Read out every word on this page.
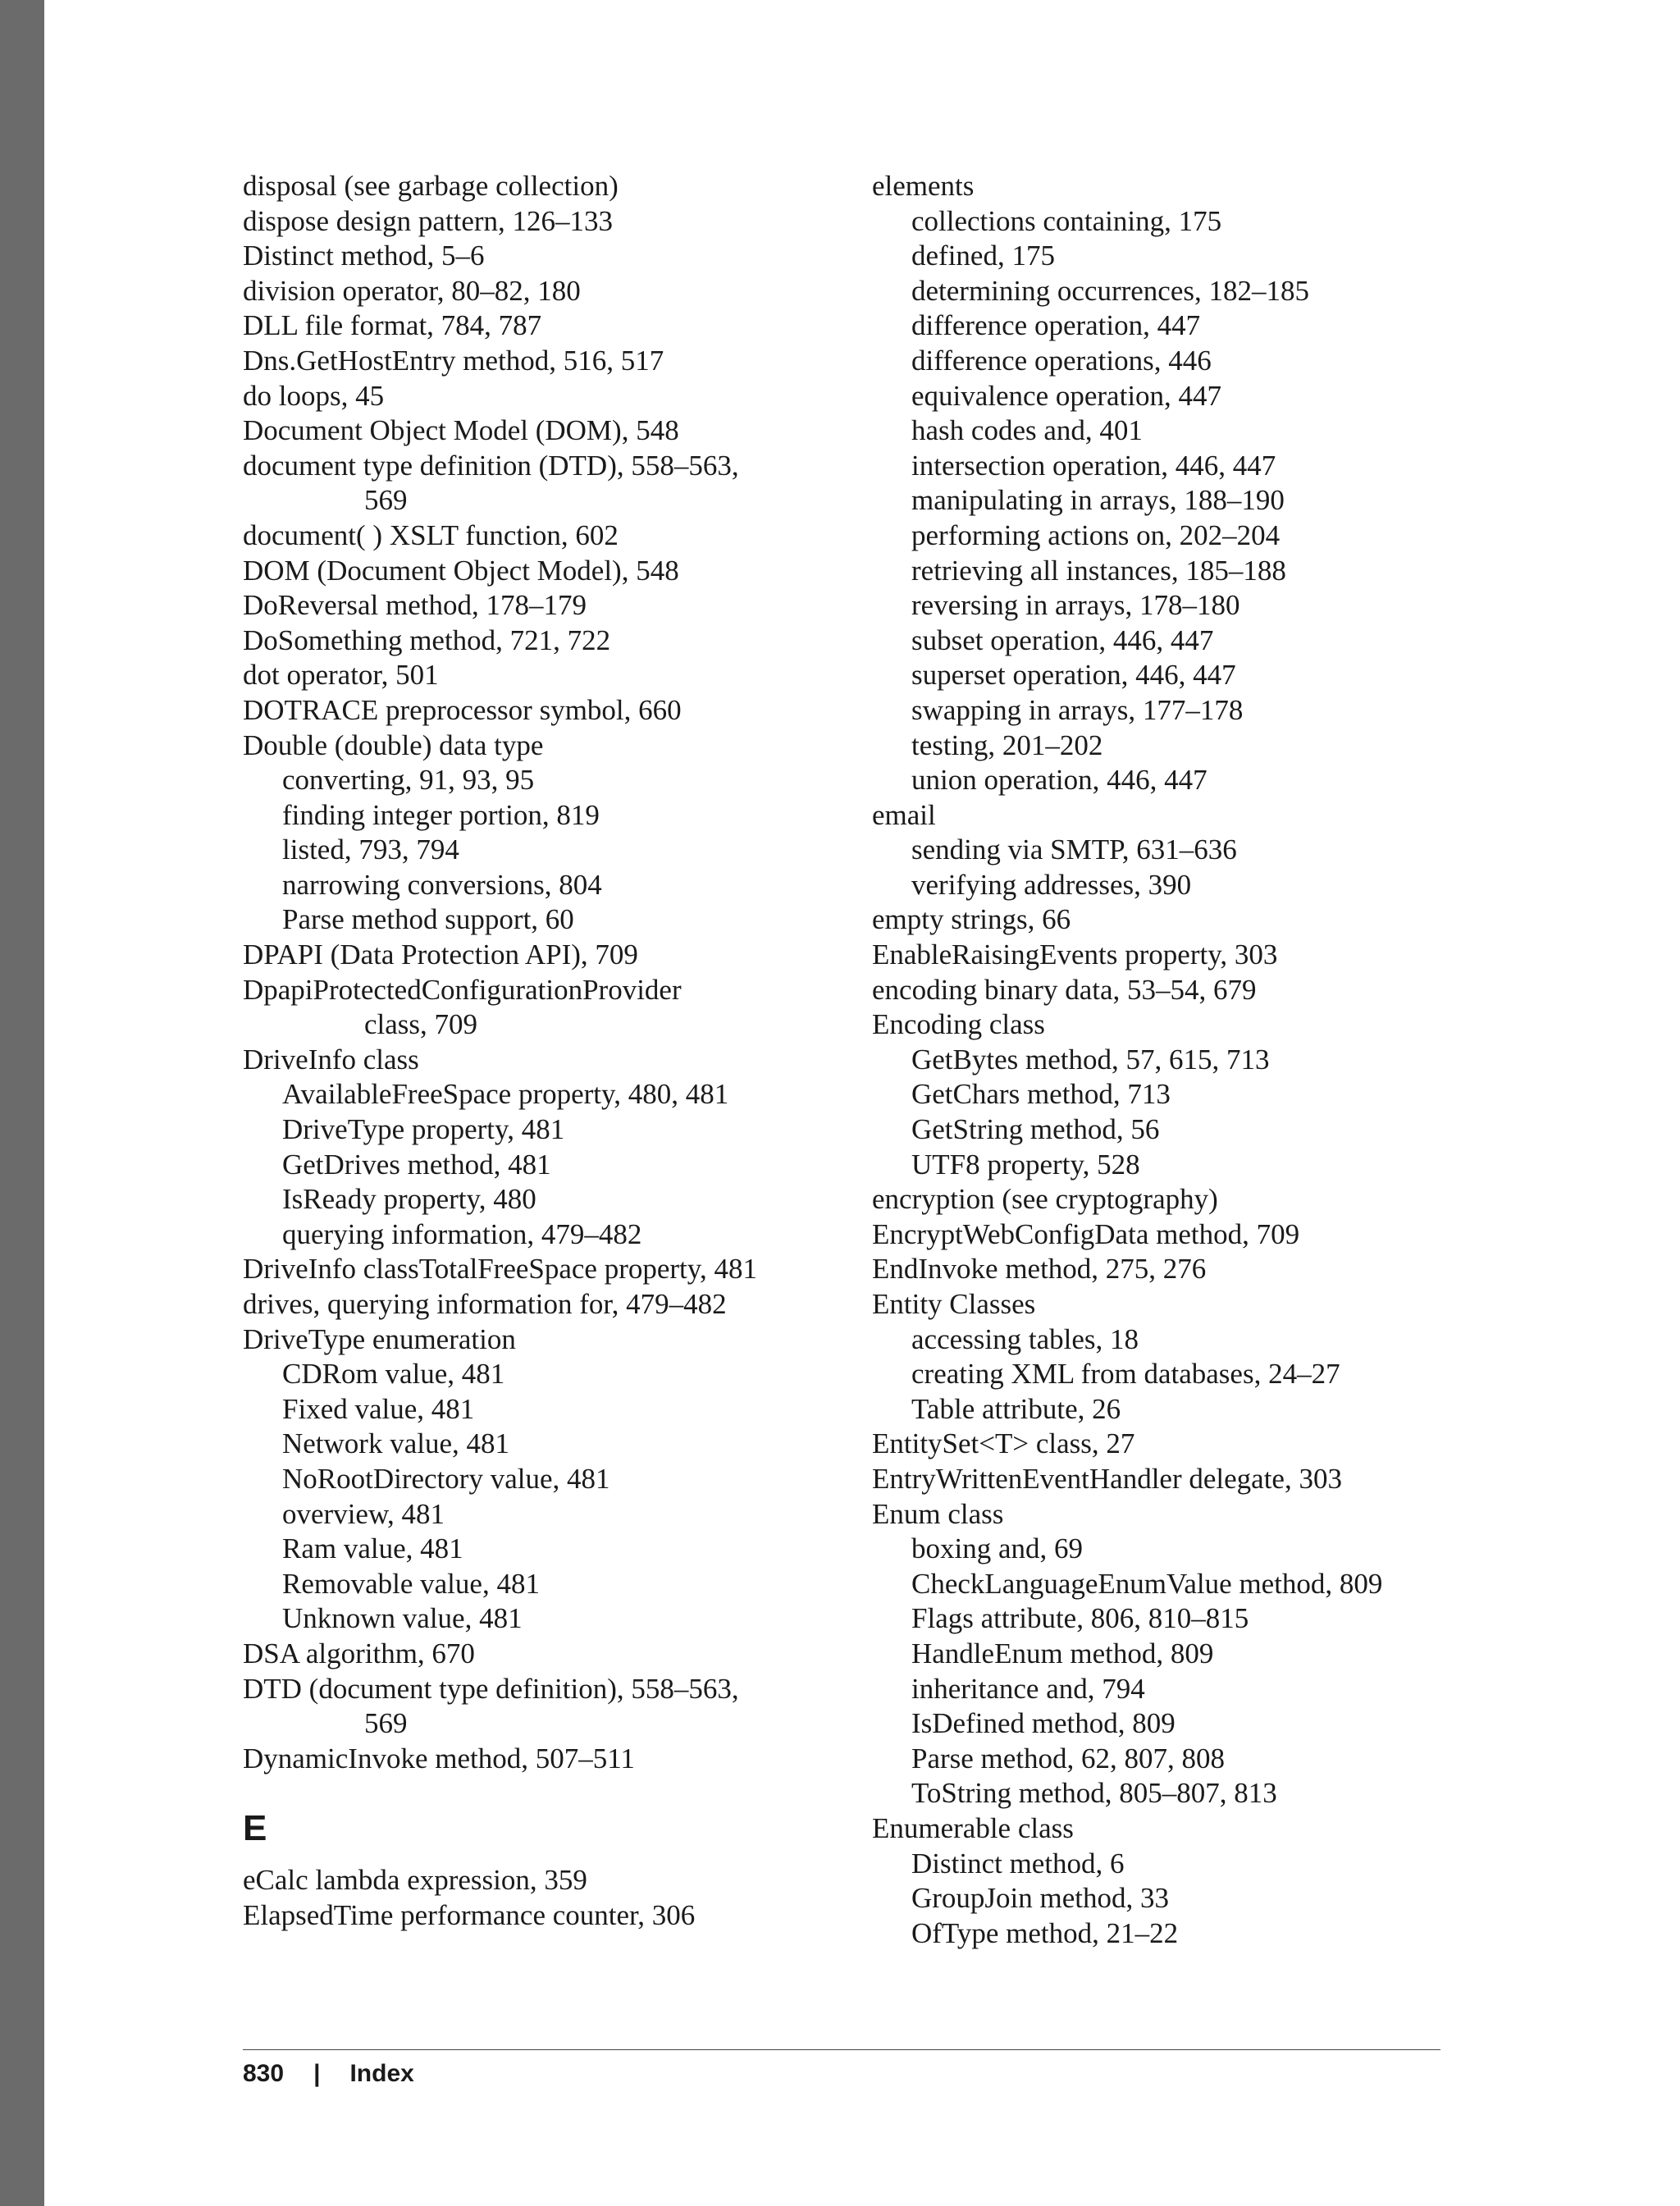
disposal (see garbage collection)
dispose design pattern, 126–133
Distinct method, 5–6
division operator, 80–82, 180
DLL file format, 784, 787
Dns.GetHostEntry method, 516, 517
do loops, 45
Document Object Model (DOM), 548
document type definition (DTD), 558–563,
569
document( ) XSLT function, 602
DOM (Document Object Model), 548
DoReversal method, 178–179
DoSomething method, 721, 722
dot operator, 501
DOTRACE preprocessor symbol, 660
Double (double) data type
converting, 91, 93, 95
finding integer portion, 819
listed, 793, 794
narrowing conversions, 804
Parse method support, 60
DPAPI (Data Protection API), 709
DpapiProtectedConfigurationProvider
class, 709
DriveInfo class
AvailableFreeSpace property, 480, 481
DriveType property, 481
GetDrives method, 481
IsReady property, 480
querying information, 479–482
DriveInfo classTotalFreeSpace property, 481
drives, querying information for, 479–482
DriveType enumeration
CDRom value, 481
Fixed value, 481
Network value, 481
NoRootDirectory value, 481
overview, 481
Ram value, 481
Removable value, 481
Unknown value, 481
DSA algorithm, 670
DTD (document type definition), 558–563,
569
DynamicInvoke method, 507–511
E
eCalc lambda expression, 359
ElapsedTime performance counter, 306
elements
collections containing, 175
defined, 175
determining occurrences, 182–185
difference operation, 447
difference operations, 446
equivalence operation, 447
hash codes and, 401
intersection operation, 446, 447
manipulating in arrays, 188–190
performing actions on, 202–204
retrieving all instances, 185–188
reversing in arrays, 178–180
subset operation, 446, 447
superset operation, 446, 447
swapping in arrays, 177–178
testing, 201–202
union operation, 446, 447
email
sending via SMTP, 631–636
verifying addresses, 390
empty strings, 66
EnableRaisingEvents property, 303
encoding binary data, 53–54, 679
Encoding class
GetBytes method, 57, 615, 713
GetChars method, 713
GetString method, 56
UTF8 property, 528
encryption (see cryptography)
EncryptWebConfigData method, 709
EndInvoke method, 275, 276
Entity Classes
accessing tables, 18
creating XML from databases, 24–27
Table attribute, 26
EntitySet<T> class, 27
EntryWrittenEventHandler delegate, 303
Enum class
boxing and, 69
CheckLanguageEnumValue method, 809
Flags attribute, 806, 810–815
HandleEnum method, 809
inheritance and, 794
IsDefined method, 809
Parse method, 62, 807, 808
ToString method, 805–807, 813
Enumerable class
Distinct method, 6
GroupJoin method, 33
OfType method, 21–22
830 | Index
